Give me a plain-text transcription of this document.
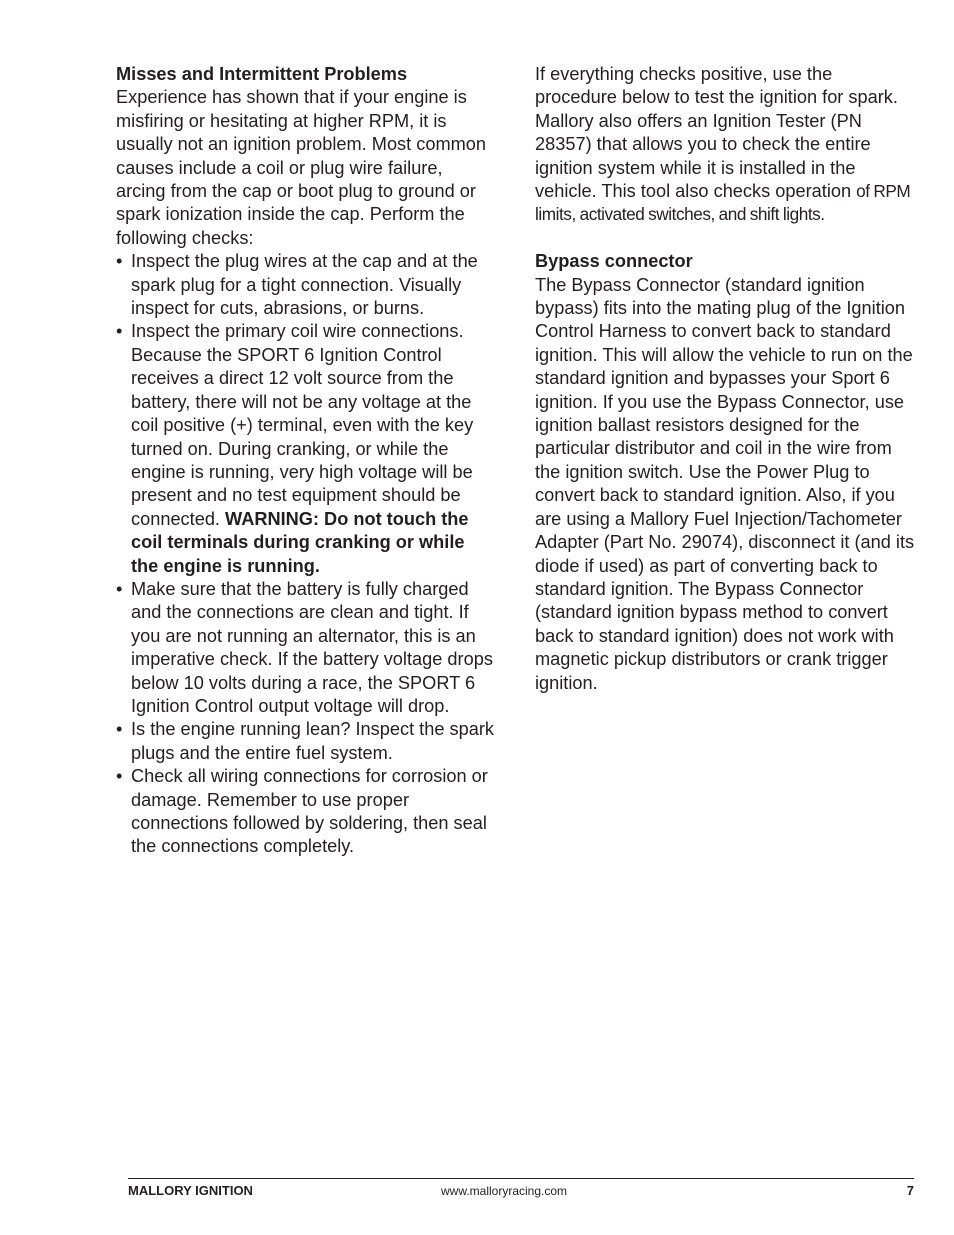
Misses and Intermittent Problems

Experience has shown that if your engine is misfiring or hesitating at higher RPM, it is usually not an ignition problem. Most common causes include a coil or plug wire failure, arcing from the cap or boot plug to ground or spark ionization inside the cap. Perform the following checks:

• Inspect the plug wires at the cap and at the spark plug for a tight connection. Visually inspect for cuts, abrasions, or burns.
• Inspect the primary coil wire connections. Because the SPORT 6 Ignition Control receives a direct 12 volt source from the battery, there will not be any voltage at the coil positive (+) terminal, even with the key turned on. During cranking, or while the engine is running, very high voltage will be present and no test equipment should be connected. WARNING: Do not touch the coil terminals during cranking or while the engine is running.
• Make sure that the battery is fully charged and the connections are clean and tight. If you are not running an alternator, this is an imperative check. If the battery voltage drops below 10 volts during a race, the SPORT 6 Ignition Control output voltage will drop.
• Is the engine running lean? Inspect the spark plugs and the entire fuel system.
• Check all wiring connections for corrosion or damage. Remember to use proper connections followed by soldering, then seal the connections completely.

If everything checks positive, use the procedure below to test the ignition for spark. Mallory also offers an Ignition Tester (PN 28357) that allows you to check the entire ignition system while it is installed in the vehicle. This tool also checks operation of RPM limits, activated switches, and shift lights.

Bypass connector

The Bypass Connector (standard ignition bypass) fits into the mating plug of the Ignition Control Harness to convert back to standard ignition. This will allow the vehicle to run on the standard ignition and bypasses your Sport 6 ignition. If you use the Bypass Connector, use ignition ballast resistors designed for the particular distributor and coil in the wire from the ignition switch. Use the Power Plug to convert back to standard ignition. Also, if you are using a Mallory Fuel Injection/Tachometer Adapter (Part No. 29074), disconnect it (and its diode if used) as part of converting back to standard ignition. The Bypass Connector (standard ignition bypass method to convert back to standard ignition) does not work with magnetic pickup distributors or crank trigger ignition.

MALLORY IGNITION	www.malloryracing.com	7
